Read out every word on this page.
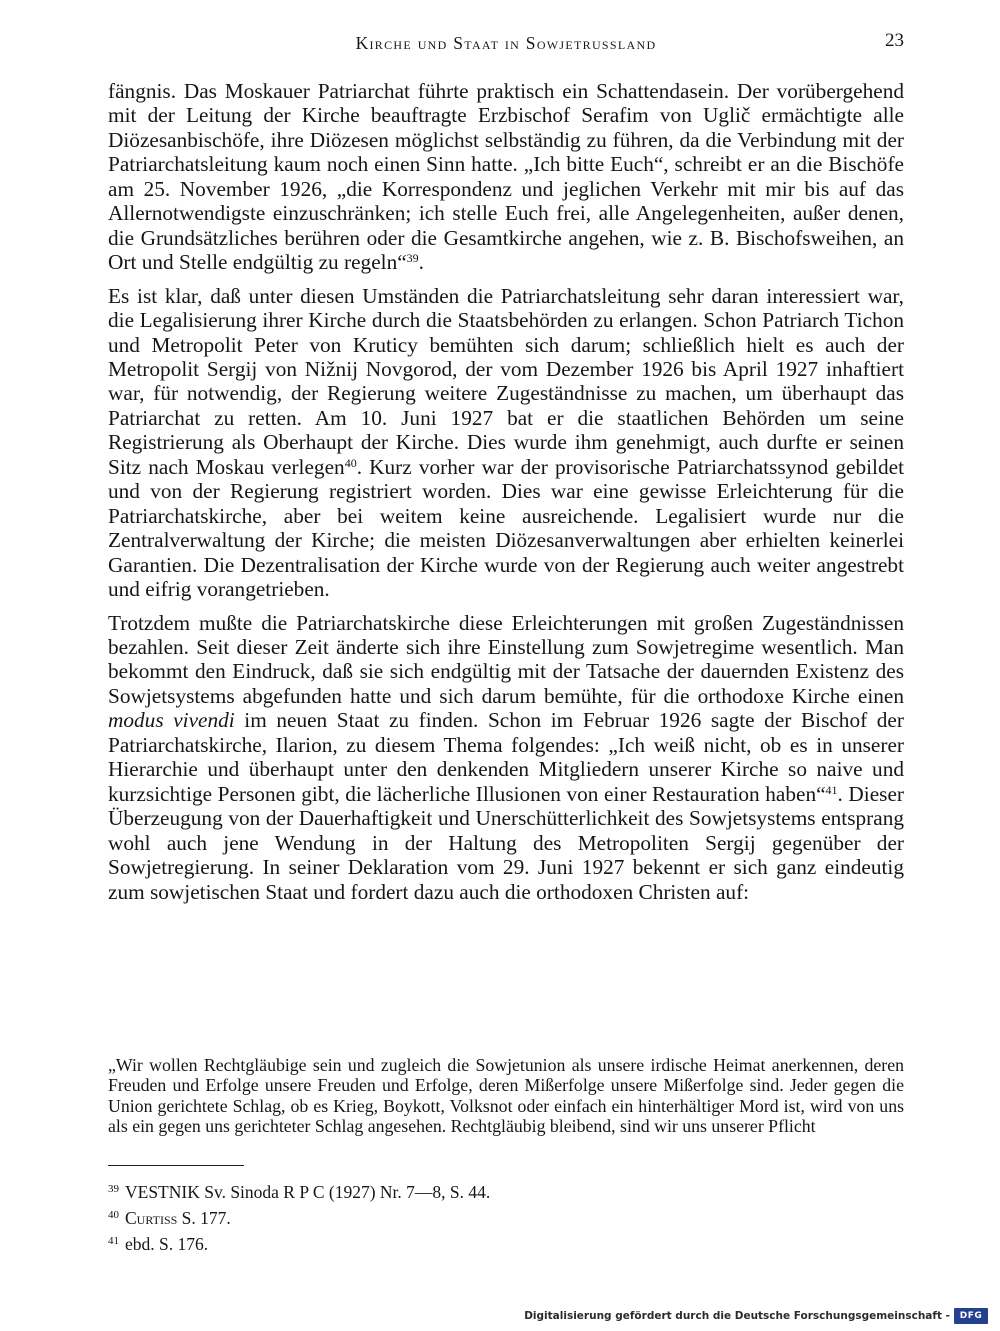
Kirche und Staat in Sowjetrussland	23

fängnis. Das Moskauer Patriarchat führte praktisch ein Schattendasein. Der vorübergehend mit der Leitung der Kirche beauftragte Erzbischof Serafim von Uglič ermächtigte alle Diözesanbischöfe, ihre Diözesen möglichst selbständig zu führen, da die Verbindung mit der Patriarchatsleitung kaum noch einen Sinn hatte. „Ich bitte Euch“, schreibt er an die Bischöfe am 25. November 1926, „die Korrespondenz und jeglichen Verkehr mit mir bis auf das Allernotwendigste einzuschränken; ich stelle Euch frei, alle Angelegenheiten, außer denen, die Grundsätzliches berühren oder die Gesamtkirche angehen, wie z. B. Bischofsweihen, an Ort und Stelle endgültig zu regeln“$^{39}$.

Es ist klar, daß unter diesen Umständen die Patriarchatsleitung sehr daran interessiert war, die Legalisierung ihrer Kirche durch die Staatsbehörden zu erlangen. Schon Patriarch Tichon und Metropolit Peter von Kruticy bemühten sich darum; schließlich hielt es auch der Metropolit Sergij von Nižnij Novgorod, der vom Dezember 1926 bis April 1927 inhaftiert war, für notwendig, der Regierung weitere Zugeständnisse zu machen, um überhaupt das Patriarchat zu retten. Am 10. Juni 1927 bat er die staatlichen Behörden um seine Registrierung als Oberhaupt der Kirche. Dies wurde ihm genehmigt, auch durfte er seinen Sitz nach Moskau verlegen$^{40}$. Kurz vorher war der provisorische Patriarchatssynod gebildet und von der Regierung registriert worden. Dies war eine gewisse Erleichterung für die Patriarchatskirche, aber bei weitem keine ausreichende. Legalisiert wurde nur die Zentralverwaltung der Kirche; die meisten Diözesanverwaltungen aber erhielten keinerlei Garantien. Die Dezentralisation der Kirche wurde von der Regierung auch weiter angestrebt und eifrig vorangetrieben.

Trotzdem mußte die Patriarchatskirche diese Erleichterungen mit großen Zugeständnissen bezahlen. Seit dieser Zeit änderte sich ihre Einstellung zum Sowjetregime wesentlich. Man bekommt den Eindruck, daß sie sich endgültig mit der Tatsache der dauernden Existenz des Sowjetsystems abgefunden hatte und sich darum bemühte, für die orthodoxe Kirche einen modus vivendi im neuen Staat zu finden. Schon im Februar 1926 sagte der Bischof der Patriarchatskirche, Ilarion, zu diesem Thema folgendes: „Ich weiß nicht, ob es in unserer Hierarchie und überhaupt unter den denkenden Mitgliedern unserer Kirche so naive und kurzsichtige Personen gibt, die lächerliche Illusionen von einer Restauration haben“$^{41}$. Dieser Überzeugung von der Dauerhaftigkeit und Unerschütterlichkeit des Sowjetsystems entsprang wohl auch jene Wendung in der Haltung des Metropoliten Sergij gegenüber der Sowjetregierung. In seiner Deklaration vom 29. Juni 1927 bekennt er sich ganz eindeutig zum sowjetischen Staat und fordert dazu auch die orthodoxen Christen auf:

„Wir wollen Rechtgläubige sein und zugleich die Sowjetunion als unsere irdische Heimat anerkennen, deren Freuden und Erfolge unsere Freuden und Erfolge, deren Mißerfolge unsere Mißerfolge sind. Jeder gegen die Union gerichtete Schlag, ob es Krieg, Boykott, Volksnot oder einfach ein hinterhältiger Mord ist, wird von uns als ein gegen uns gerichteter Schlag angesehen. Rechtgläubig bleibend, sind wir uns unserer Pflicht

$^{39}$ VESTNIK Sv. Sinoda R P C (1927) Nr. 7—8, S. 44.
$^{40}$ Curtiss S. 177.
$^{41}$ ebd. S. 176.
Digitalisierung gefördert durch die Deutsche Forschungsgemeinschaft -	DFG
